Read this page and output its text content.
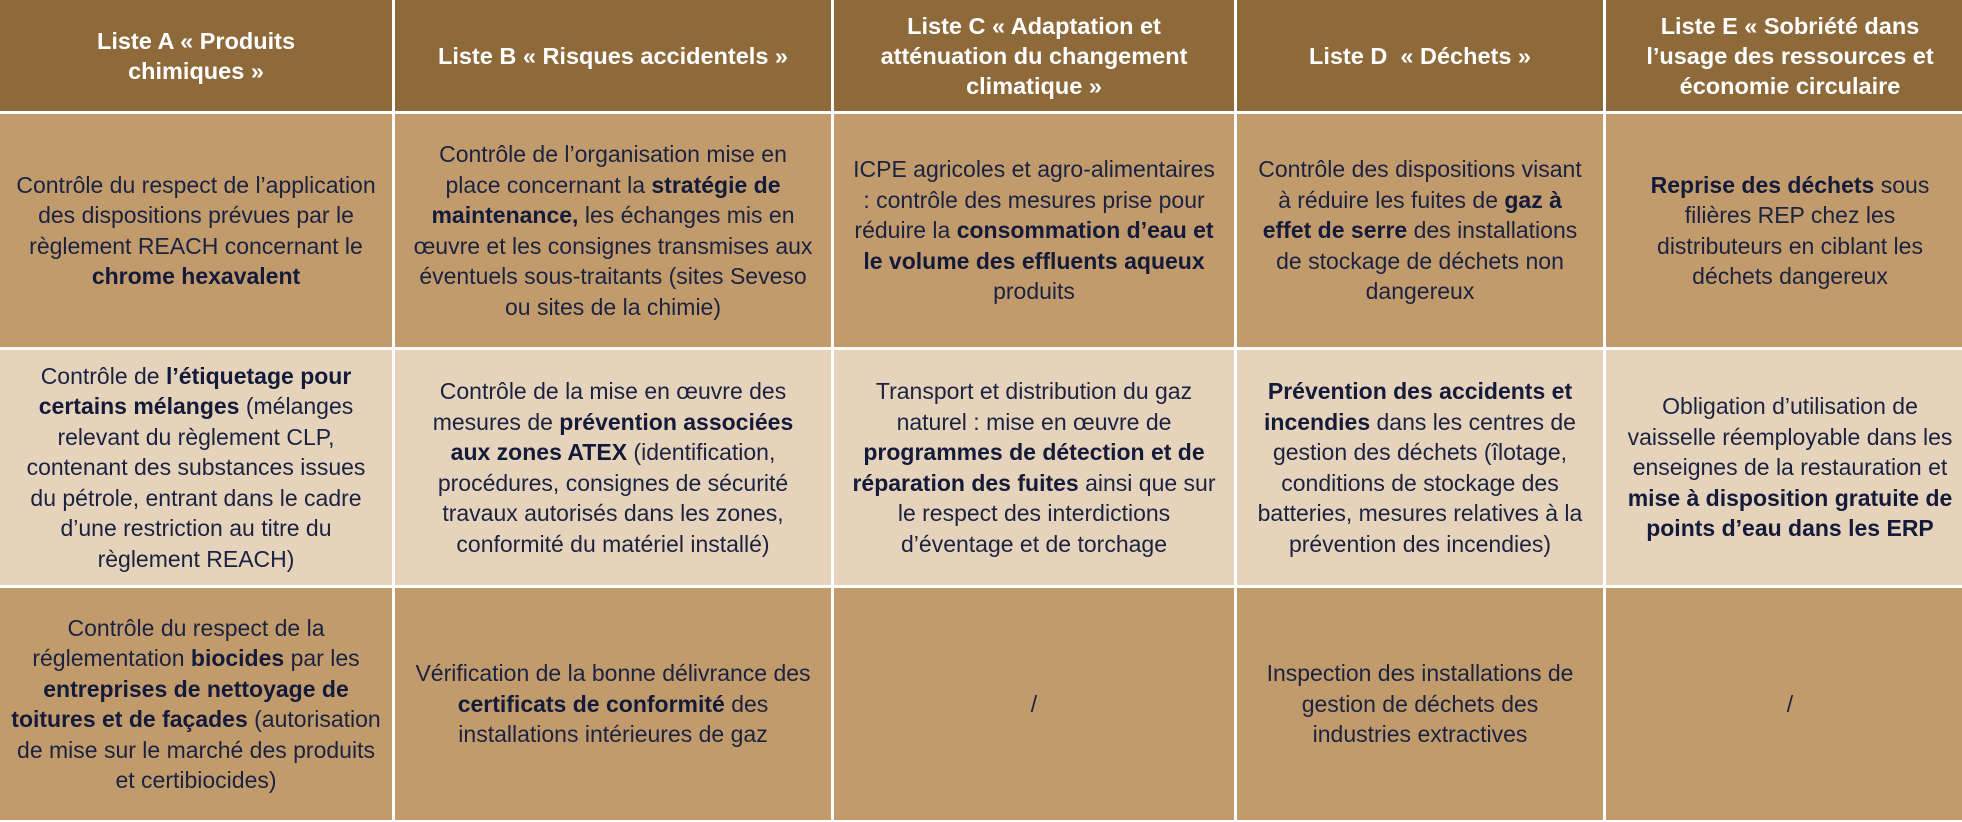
Liste A « Produits chimiques »
Liste B « Risques accidentels »
Liste C « Adaptation et atténuation du changement climatique »
Liste D  « Déchets »
Liste E « Sobriété dans l’usage des ressources et économie circulaire
Contrôle du respect de l’application des dispositions prévues par le règlement REACH concernant le chrome hexavalent
Contrôle de l’organisation mise en place concernant la stratégie de maintenance, les échanges mis en œuvre et les consignes transmises aux éventuels sous-traitants (sites Seveso ou sites de la chimie)
ICPE agricoles et agro-alimentaires : contrôle des mesures prise pour réduire la consommation d’eau et le volume des effluents aqueux produits
Contrôle des dispositions visant à réduire les fuites de gaz à effet de serre des installations de stockage de déchets non dangereux
Reprise des déchets sous filières REP chez les distributeurs en ciblant les déchets dangereux
Contrôle de l’étiquetage pour certains mélanges (mélanges relevant du règlement CLP, contenant des substances issues du pétrole, entrant dans le cadre d’une restriction au titre du règlement REACH)
Contrôle de la mise en œuvre des mesures de prévention associées aux zones ATEX (identification, procédures, consignes de sécurité travaux autorisés dans les zones, conformité du matériel installé)
Transport et distribution du gaz naturel : mise en œuvre de programmes de détection et de réparation des fuites ainsi que sur le respect des interdictions d’éventage et de torchage
Prévention des accidents et incendies dans les centres de gestion des déchets (îlotage, conditions de stockage des batteries, mesures relatives à la prévention des incendies)
Obligation d’utilisation de vaisselle réemployable dans les enseignes de la restauration et mise à disposition gratuite de points d’eau dans les ERP
Contrôle du respect de la réglementation biocides par les entreprises de nettoyage de toitures et de façades (autorisation de mise sur le marché des produits et certibiocides)
Vérification de la bonne délivrance des certificats de conformité des installations intérieures de gaz
/
Inspection des installations de gestion de déchets des industries extractives
/
